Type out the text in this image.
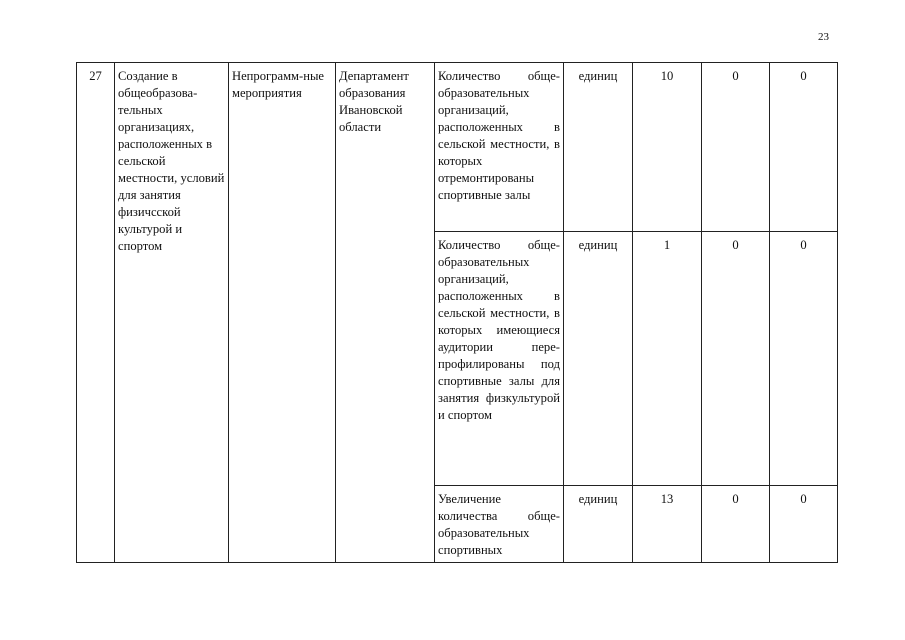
23
27	Создание в общеобразова-тельных организациях, расположенных в сельской местности, условий для занятия физичсской культурой и спортом	Непрограмм-ные мероприятия	Департамент образования Ивановской области	Количество обще-образовательных организаций, расположенных в сельской местности, в которых отремонтированы спортивные залы	единиц	10	0	0
				Количество обще-образовательных организаций, расположенных в сельской местности, в которых имеющиеся аудитории пере-профилированы под спортивные залы для занятия физкультурой и спортом	единиц	1	0	0

				Увеличение количества обще-образовательных спортивных	единиц	13	0	0
